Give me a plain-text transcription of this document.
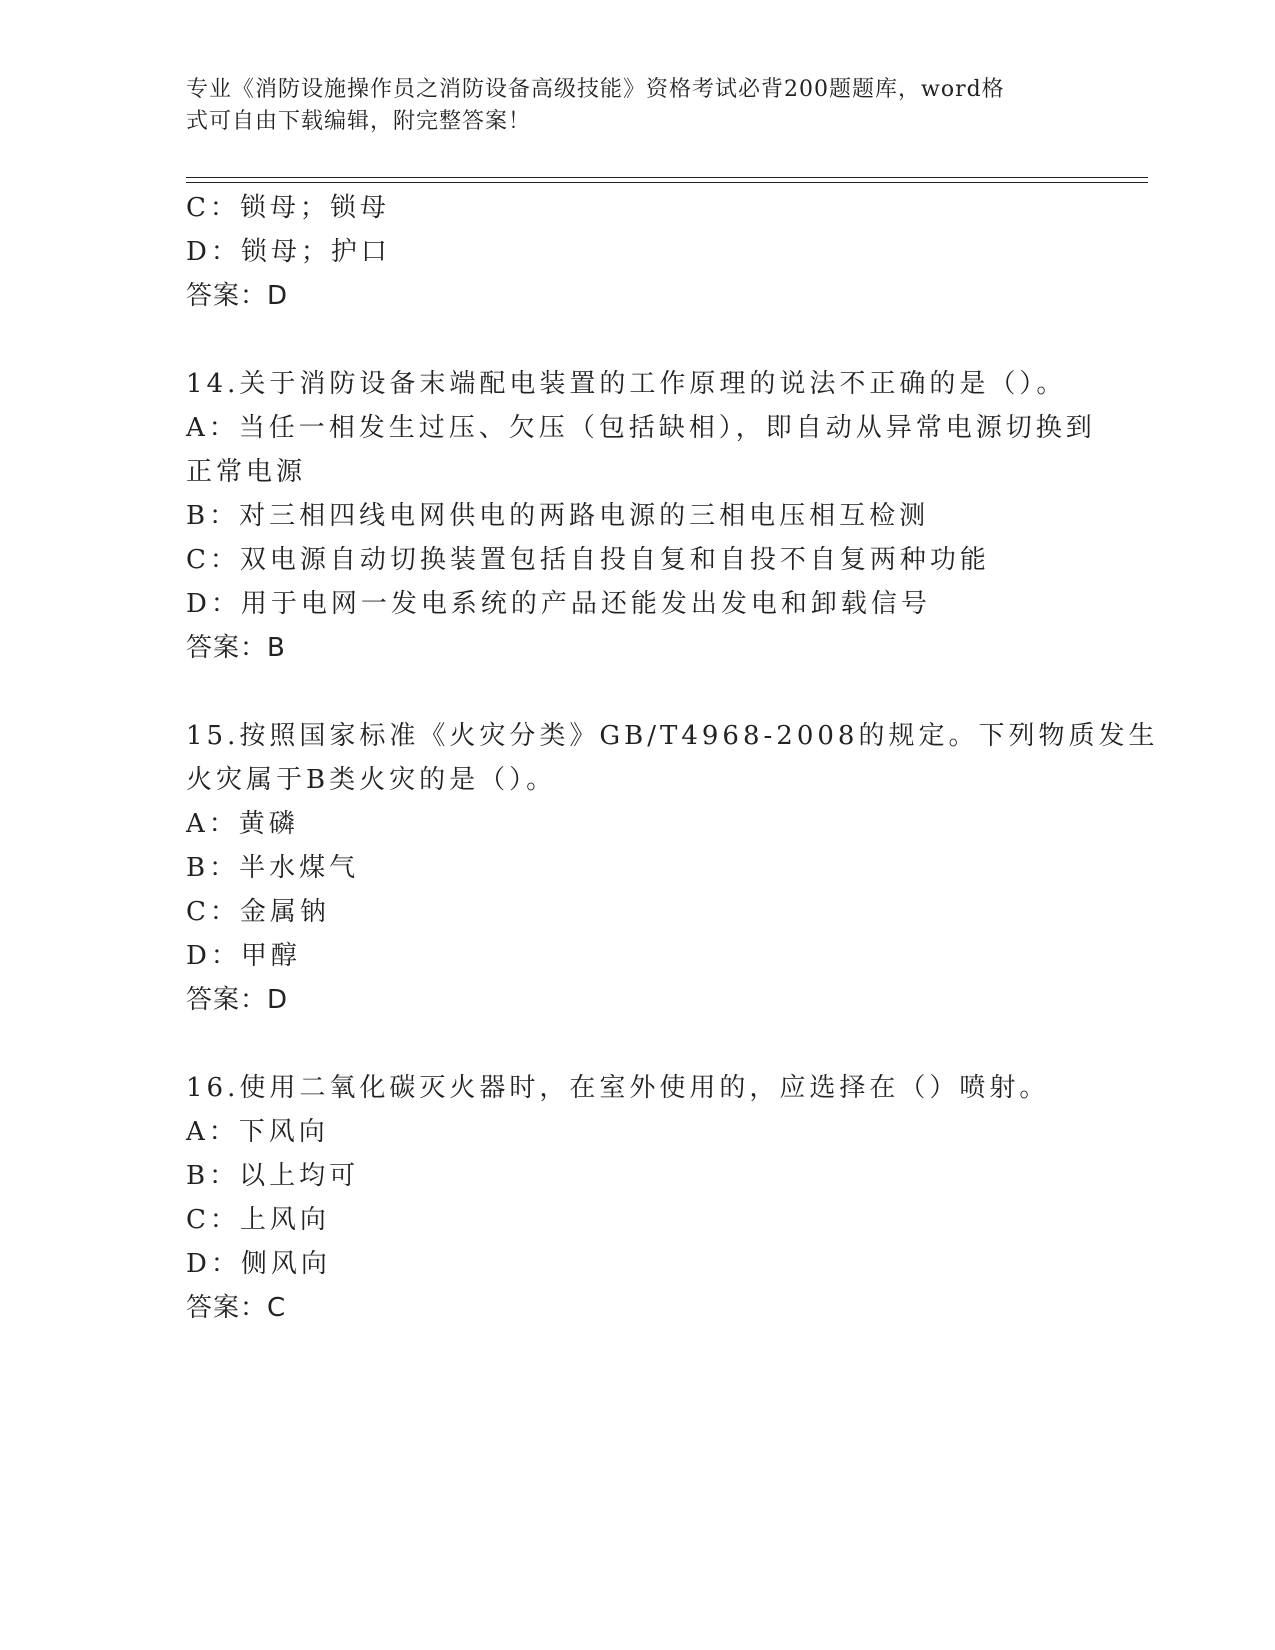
专业《消防设施操作员之消防设备高级技能》资格考试必背200题题库，word格
式可自由下载编辑，附完整答案！
C：锁母；锁母
D：锁母；护口
答案：D
14.关于消防设备末端配电装置的工作原理的说法不正确的是（）。
A：当任一相发生过压、欠压（包括缺相），即自动从异常电源切换到
正常电源
B：对三相四线电网供电的两路电源的三相电压相互检测
C：双电源自动切换装置包括自投自复和自投不自复两种功能
D：用于电网一发电系统的产品还能发出发电和卸载信号
答案：B
15.按照国家标准《火灾分类》GB/T4968-2008的规定。下列物质发生
火灾属于B类火灾的是（）。
A：黄磷
B：半水煤气
C：金属钠
D：甲醇
答案：D
16.使用二氧化碳灭火器时，在室外使用的，应选择在（）喷射。
A：下风向
B：以上均可
C：上风向
D：侧风向
答案：C
